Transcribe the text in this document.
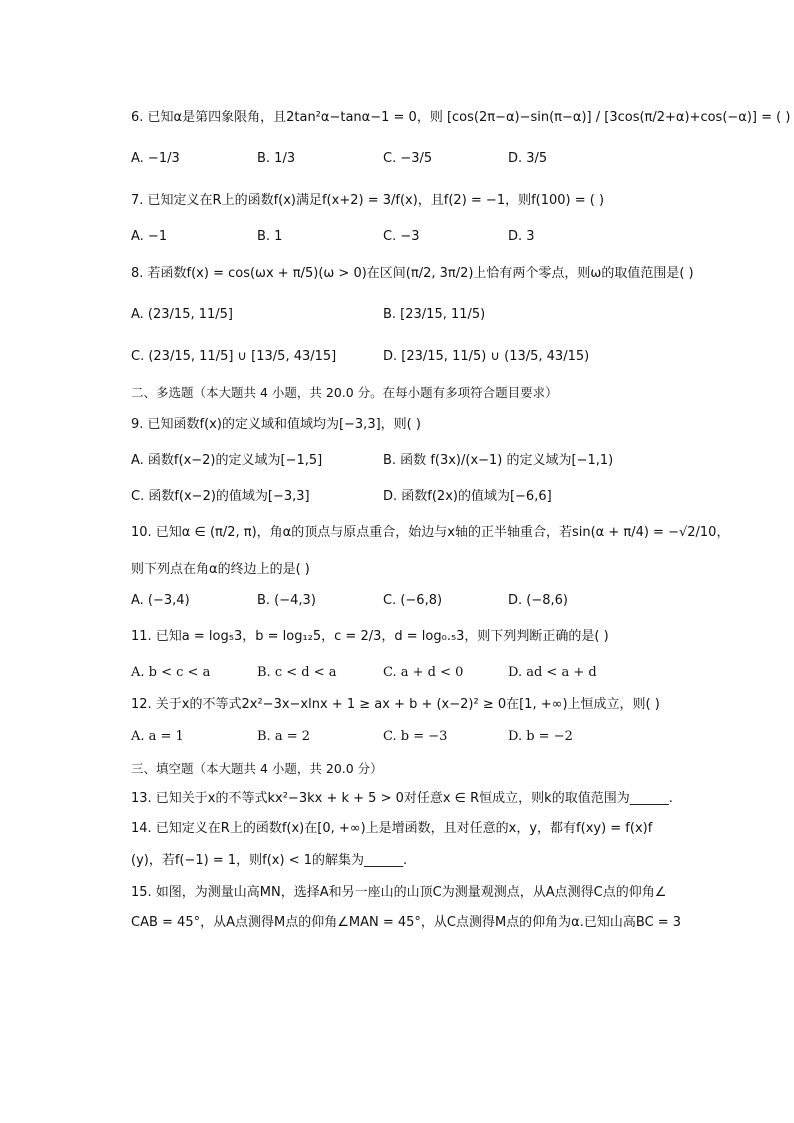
6. 已知α是第四象限角，且2tan²α−tanα−1 = 0，则 [cos(2π−α)−sin(π−α)] / [3cos(π/2+α)+cos(−α)] = ( )
A. −1/3	B. 1/3	C. −3/5	D. 3/5
7. 已知定义在R上的函数f(x)满足f(x+2) = 3/f(x)，且f(2) = −1，则f(100) = ( )
A. −1	B. 1	C. −3	D. 3
8. 若函数f(x) = cos(ωx + π/5)(ω > 0)在区间(π/2, 3π/2)上恰有两个零点，则ω的取值范围是( )
A. (23/15, 11/5]	B. [23/15, 11/5)
C. (23/15, 11/5] ∪ [13/5, 43/15]	D. [23/15, 11/5) ∪ (13/5, 43/15)
二、多选题（本大题共 4 小题，共 20.0 分。在每小题有多项符合题目要求）
9. 已知函数f(x)的定义域和值域均为[−3,3]，则( )
A. 函数f(x−2)的定义域为[−1,5]	B. 函数 f(3x)/(x−1) 的定义域为[−1,1)
C. 函数f(x−2)的值域为[−3,3]	D. 函数f(2x)的值域为[−6,6]
10. 已知α ∈ (π/2, π)，角α的顶点与原点重合，始边与x轴的正半轴重合，若sin(α + π/4) = −√2/10，
则下列点在角α的终边上的是( )
A. (−3,4)	B. (−4,3)	C. (−6,8)	D. (−8,6)
11. 已知a = log₅3，b = log₁₂5，c = 2/3，d = log₀.₅3，则下列判断正确的是( )
A. b < c < a	B. c < d < a	C. a + d < 0	D. ad < a + d
12. 关于x的不等式2x²−3x−xlnx + 1 ≥ ax + b + (x−2)² ≥ 0在[1, +∞)上恒成立，则( )
A. a = 1	B. a = 2	C. b = −3	D. b = −2
三、填空题（本大题共 4 小题，共 20.0 分）
13. 已知关于x的不等式kx²−3kx + k + 5 > 0对任意x ∈ R恒成立，则k的取值范围为______.
14. 已知定义在R上的函数f(x)在[0, +∞)上是增函数，且对任意的x，y，都有f(xy) = f(x)f
(y)，若f(−1) = 1，则f(x) < 1的解集为______.
15. 如图，为测量山高MN，选择A和另一座山的山顶C为测量观测点，从A点测得C点的仰角∠
CAB = 45°，从A点测得M点的仰角∠MAN = 45°，从C点测得M点的仰角为α.已知山高BC = 3
